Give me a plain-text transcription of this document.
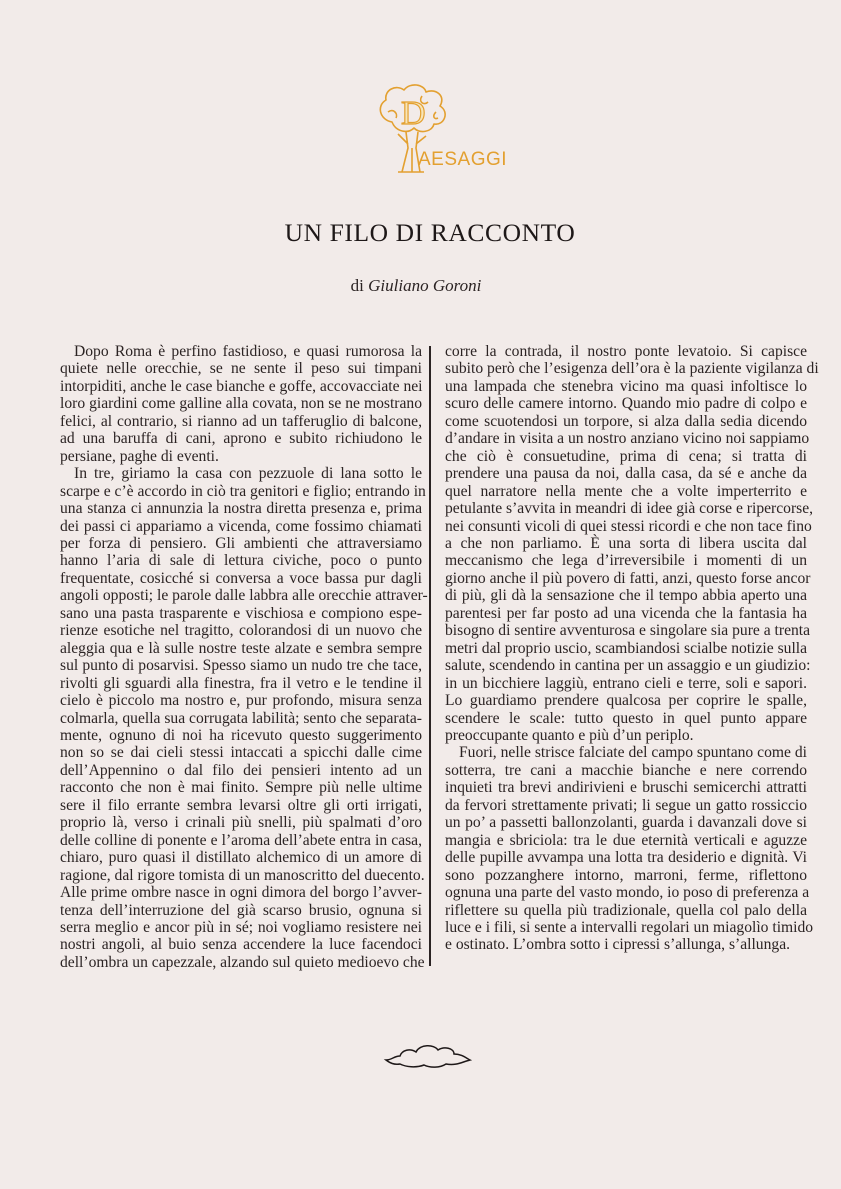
D
AESAGGI
UN FILO DI RACCONTO
di Giuliano Goroni
Dopo Roma è perfino fastidioso, e quasi rumorosa la
quiete nelle orecchie, se ne sente il peso sui timpani
intorpiditi, anche le case bianche e goffe, accovacciate nei
loro giardini come galline alla covata, non se ne mostrano
felici, al contrario, si rianno ad un tafferuglio di balcone,
ad una baruffa di cani, aprono e subito richiudono le
persiane, paghe di eventi.
In tre, giriamo la casa con pezzuole di lana sotto le
scarpe e c’è accordo in ciò tra genitori e figlio; entrando in
una stanza ci annunzia la nostra diretta presenza e, prima
dei passi ci appariamo a vicenda, come fossimo chiamati
per forza di pensiero. Gli ambienti che attraversiamo
hanno l’aria di sale di lettura civiche, poco o punto
frequentate, cosicché si conversa a voce bassa pur dagli
angoli opposti; le parole dalle labbra alle orecchie attraver-
sano una pasta trasparente e vischiosa e compiono espe-
rienze esotiche nel tragitto, colorandosi di un nuovo che
aleggia qua e là sulle nostre teste alzate e sembra sempre
sul punto di posarvisi. Spesso siamo un nudo tre che tace,
rivolti gli sguardi alla finestra, fra il vetro e le tendine il
cielo è piccolo ma nostro e, pur profondo, misura senza
colmarla, quella sua corrugata labilità; sento che separata-
mente, ognuno di noi ha ricevuto questo suggerimento
non so se dai cieli stessi intaccati a spicchi dalle cime
dell’Appennino o dal filo dei pensieri intento ad un
racconto che non è mai finito. Sempre più nelle ultime
sere il filo errante sembra levarsi oltre gli orti irrigati,
proprio là, verso i crinali più snelli, più spalmati d’oro
delle colline di ponente e l’aroma dell’abete entra in casa,
chiaro, puro quasi il distillato alchemico di un amore di
ragione, dal rigore tomista di un manoscritto del duecento.
Alle prime ombre nasce in ogni dimora del borgo l’avver-
tenza dell’interruzione del già scarso brusio, ognuna si
serra meglio e ancor più in sé; noi vogliamo resistere nei
nostri angoli, al buio senza accendere la luce facendoci
dell’ombra un capezzale, alzando sul quieto medioevo che
corre la contrada, il nostro ponte levatoio. Si capisce
subito però che l’esigenza dell’ora è la paziente vigilanza di
una lampada che stenebra vicino ma quasi infoltisce lo
scuro delle camere intorno. Quando mio padre di colpo e
come scuotendosi un torpore, si alza dalla sedia dicendo
d’andare in visita a un nostro anziano vicino noi sappiamo
che ciò è consuetudine, prima di cena; si tratta di
prendere una pausa da noi, dalla casa, da sé e anche da
quel narratore nella mente che a volte imperterrito e
petulante s’avvita in meandri di idee già corse e ripercorse,
nei consunti vicoli di quei stessi ricordi e che non tace fino
a che non parliamo. È una sorta di libera uscita dal
meccanismo che lega d’irreversibile i momenti di un
giorno anche il più povero di fatti, anzi, questo forse ancor
di più, gli dà la sensazione che il tempo abbia aperto una
parentesi per far posto ad una vicenda che la fantasia ha
bisogno di sentire avventurosa e singolare sia pure a trenta
metri dal proprio uscio, scambiandosi scialbe notizie sulla
salute, scendendo in cantina per un assaggio e un giudizio:
in un bicchiere laggiù, entrano cieli e terre, soli e sapori.
Lo guardiamo prendere qualcosa per coprire le spalle,
scendere le scale: tutto questo in quel punto appare
preoccupante quanto e più d’un periplo.
Fuori, nelle strisce falciate del campo spuntano come di
sotterra, tre cani a macchie bianche e nere correndo
inquieti tra brevi andirivieni e bruschi semicerchi attratti
da fervori strettamente privati; li segue un gatto rossiccio
un po’ a passetti ballonzolanti, guarda i davanzali dove si
mangia e sbriciola: tra le due eternità verticali e aguzze
delle pupille avvampa una lotta tra desiderio e dignità. Vi
sono pozzanghere intorno, marroni, ferme, riflettono
ognuna una parte del vasto mondo, io poso di preferenza a
riflettere su quella più tradizionale, quella col palo della
luce e i fili, si sente a intervalli regolari un miagolìo timido
e ostinato. L’ombra sotto i cipressi s’allunga, s’allunga.
